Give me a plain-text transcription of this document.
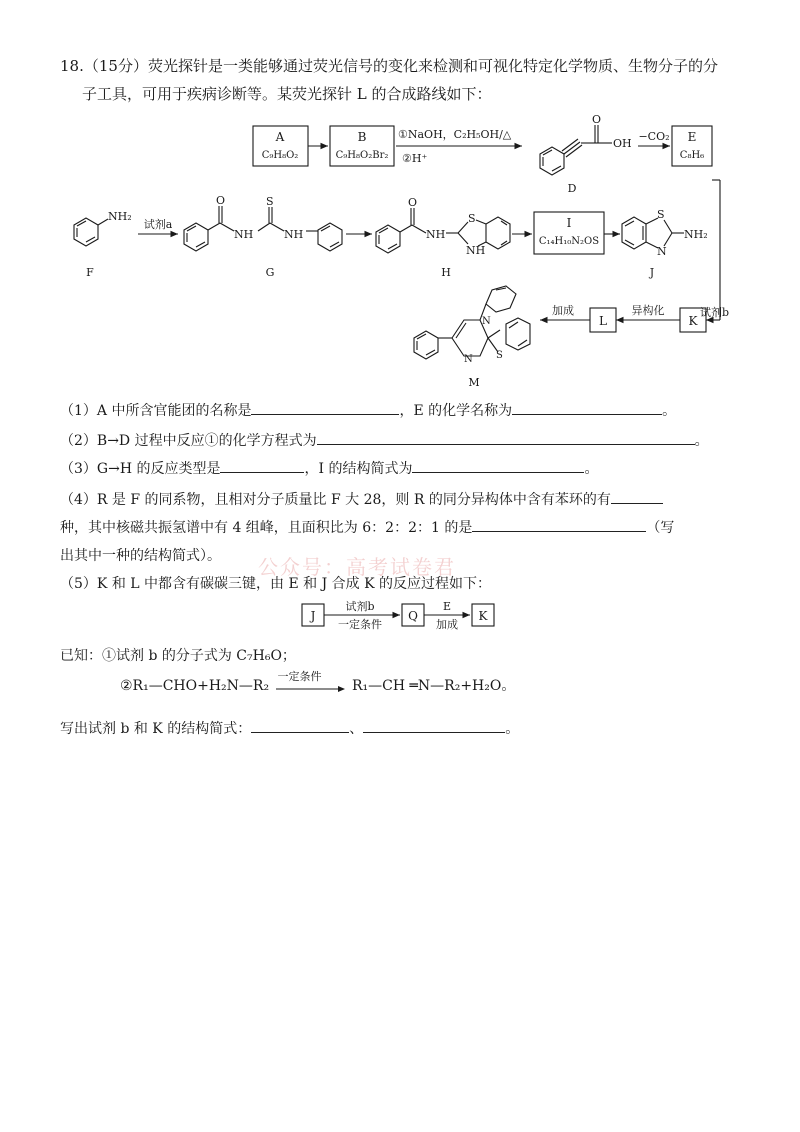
18.（15分）荧光探针是一类能够通过荧光信号的变化来检测和可视化特定化学物质、生物分子的分
子工具，可用于疾病诊断等。某荧光探针 L 的合成路线如下：
A
C₉H₈O₂
B
C₉H₈O₂Br₂
①NaOH，C₂H₅OH/△
②H⁺
O
OH
D
−CO₂ E
C₈H₆
NH₂
F
试剂a
O
NH
S
NH
G
O
NH
S
NH
H
I
C₁₄H₁₀N₂OS
S
N
NH₂
J
K
试剂b
异构化
L
加成
N
N S
M
（1）A 中所含官能团的名称是	，E 的化学名称为	。
（2）B→D 过程中反应①的化学方程式为	。
（3）G→H 的反应类型是	，I 的结构简式为	。
（4）R 是 F 的同系物，且相对分子质量比 F 大 28，则 R 的同分异构体中含有苯环的有
种，其中核磁共振氢谱中有 4 组峰，且面积比为 6：2：2：1 的是	（写
出其中一种的结构简式）。	公众号：高考试卷君
（5）K 和 L 中都含有碳碳三键，由 E 和 J 合成 K 的反应过程如下：
J
试剂b
一定条件
Q
E
加成
K
已知：①试剂 b 的分子式为 C₇H₆O；
②R₁—CHO+H₂N—R₂
一定条件
R₁—CH ═N—R₂+H₂O。
写出试剂 b 和 K 的结构简式：	、	。
